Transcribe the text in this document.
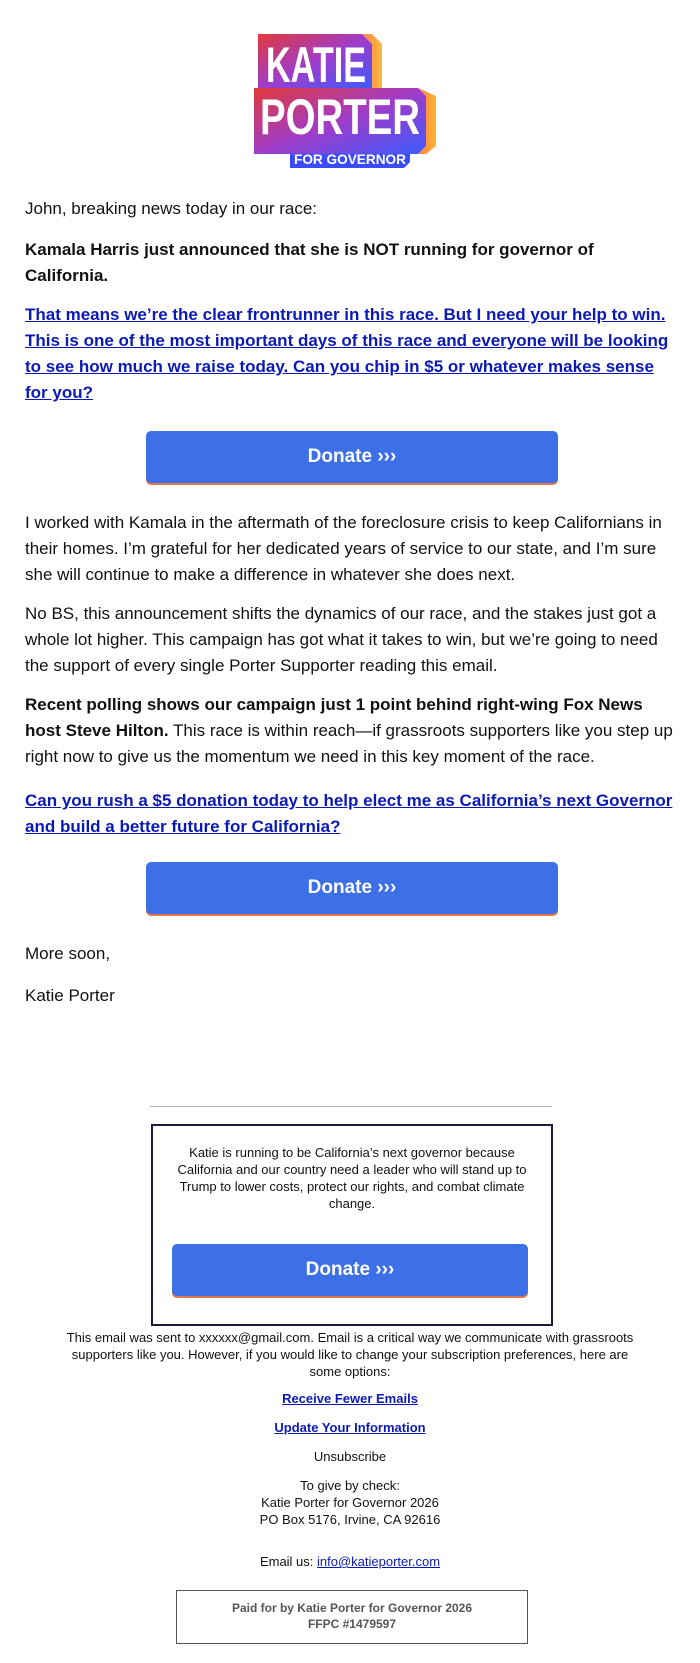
KATIE
PORTER
FOR GOVERNOR

John, breaking news today in our race:

Kamala Harris just announced that she is NOT running for governor of California.

That means we’re the clear frontrunner in this race. But I need your help to win. This is one of the most important days of this race and everyone will be looking to see how much we raise today. Can you chip in $5 or whatever makes sense for you?
Donate ›››

I worked with Kamala in the aftermath of the foreclosure crisis to keep Californians in their homes. I’m grateful for her dedicated years of service to our state, and I’m sure she will continue to make a difference in whatever she does next.

No BS, this announcement shifts the dynamics of our race, and the stakes just got a whole lot higher. This campaign has got what it takes to win, but we’re going to need the support of every single Porter Supporter reading this email.

Recent polling shows our campaign just 1 point behind right-wing Fox News host Steve Hilton. This race is within reach—if grassroots supporters like you step up right now to give us the momentum we need in this key moment of the race.

Can you rush a $5 donation today to help elect me as California’s next Governor and build a better future for California?
Donate ›››

More soon,

Katie Porter

Katie is running to be California’s next governor because California and our country need a leader who will stand up to Trump to lower costs, protect our rights, and combat climate change.
Donate ›››
This email was sent to xxxxxx@gmail.com. Email is a critical way we communicate with grassroots supporters like you. However, if you would like to change your subscription preferences, here are some options:
Receive Fewer Emails
Update Your Information
Unsubscribe
To give by check:
Katie Porter for Governor 2026
PO Box 5176, Irvine, CA 92616
Email us: info@katieporter.com
Paid for by Katie Porter for Governor 2026
FFPC #1479597
